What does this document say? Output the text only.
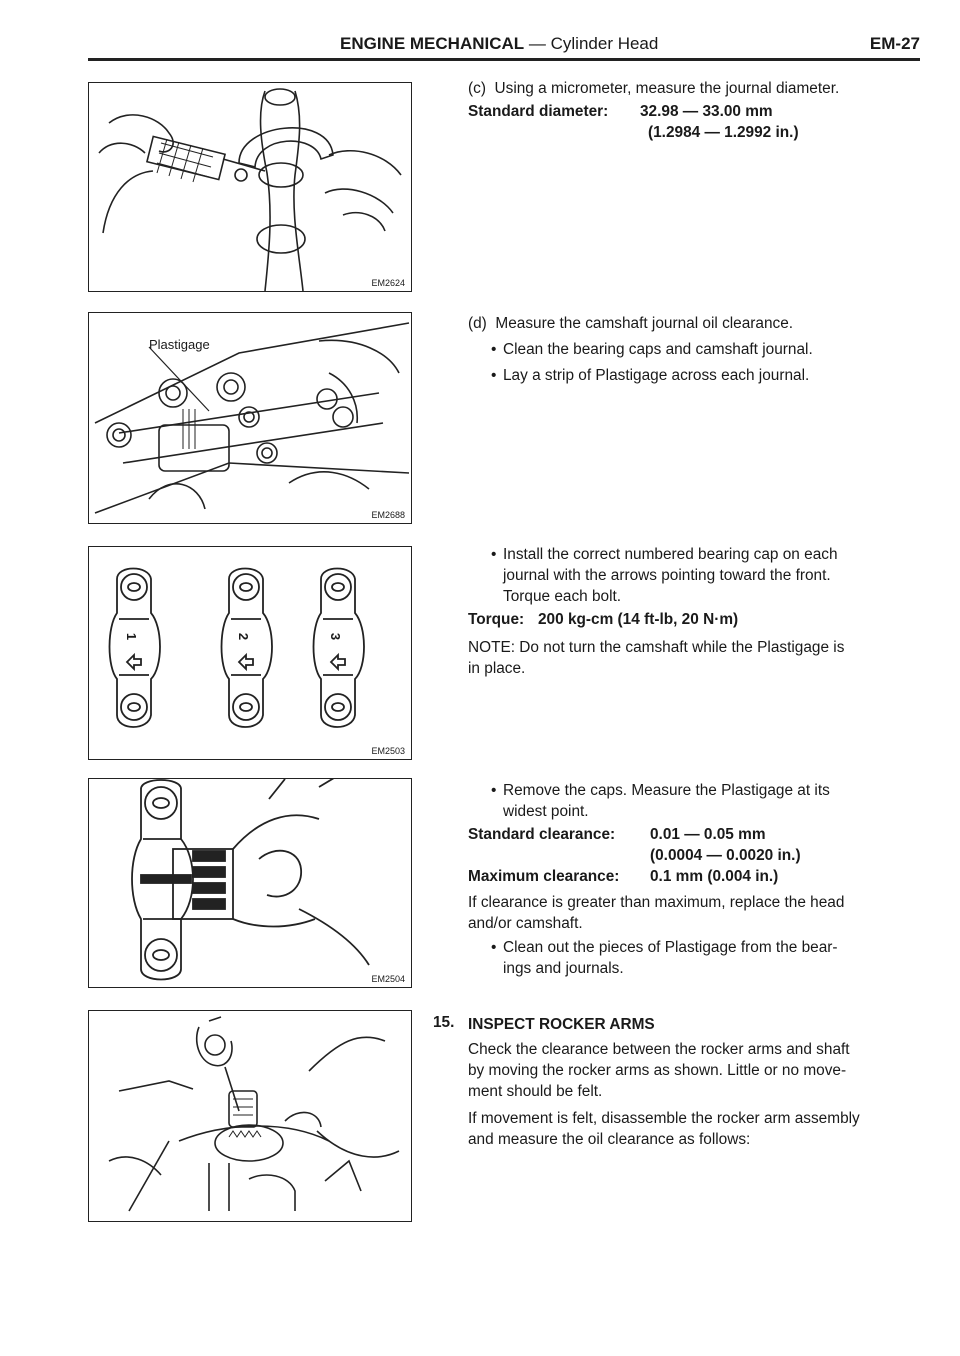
ENGINE MECHANICAL — Cylinder Head	EM-27
EM2624
Plastigage
EM2688
1	2	3
EM2503
EM2504
(c) Using a micrometer, measure the journal diameter.
Standard diameter: 32.98 — 33.00 mm
(1.2984 — 1.2992 in.)
(d) Measure the camshaft journal oil clearance.
• Clean the bearing caps and camshaft journal.
• Lay a strip of Plastigage across each journal.
• Install the correct numbered bearing cap on each
journal with the arrows pointing toward the front.
Torque each bolt.
Torque: 200 kg-cm (14 ft-lb, 20 N·m)
NOTE: Do not turn the camshaft while the Plastigage is
in place.
• Remove the caps. Measure the Plastigage at its
widest point.
Standard clearance: 0.01 — 0.05 mm
(0.0004 — 0.0020 in.)
Maximum clearance: 0.1 mm (0.004 in.)
If clearance is greater than maximum, replace the head
and/or camshaft.
• Clean out the pieces of Plastigage from the bear-
ings and journals.
15. INSPECT ROCKER ARMS
Check the clearance between the rocker arms and shaft
by moving the rocker arms as shown. Little or no move-
ment should be felt.
If movement is felt, disassemble the rocker arm assembly
and measure the oil clearance as follows:
